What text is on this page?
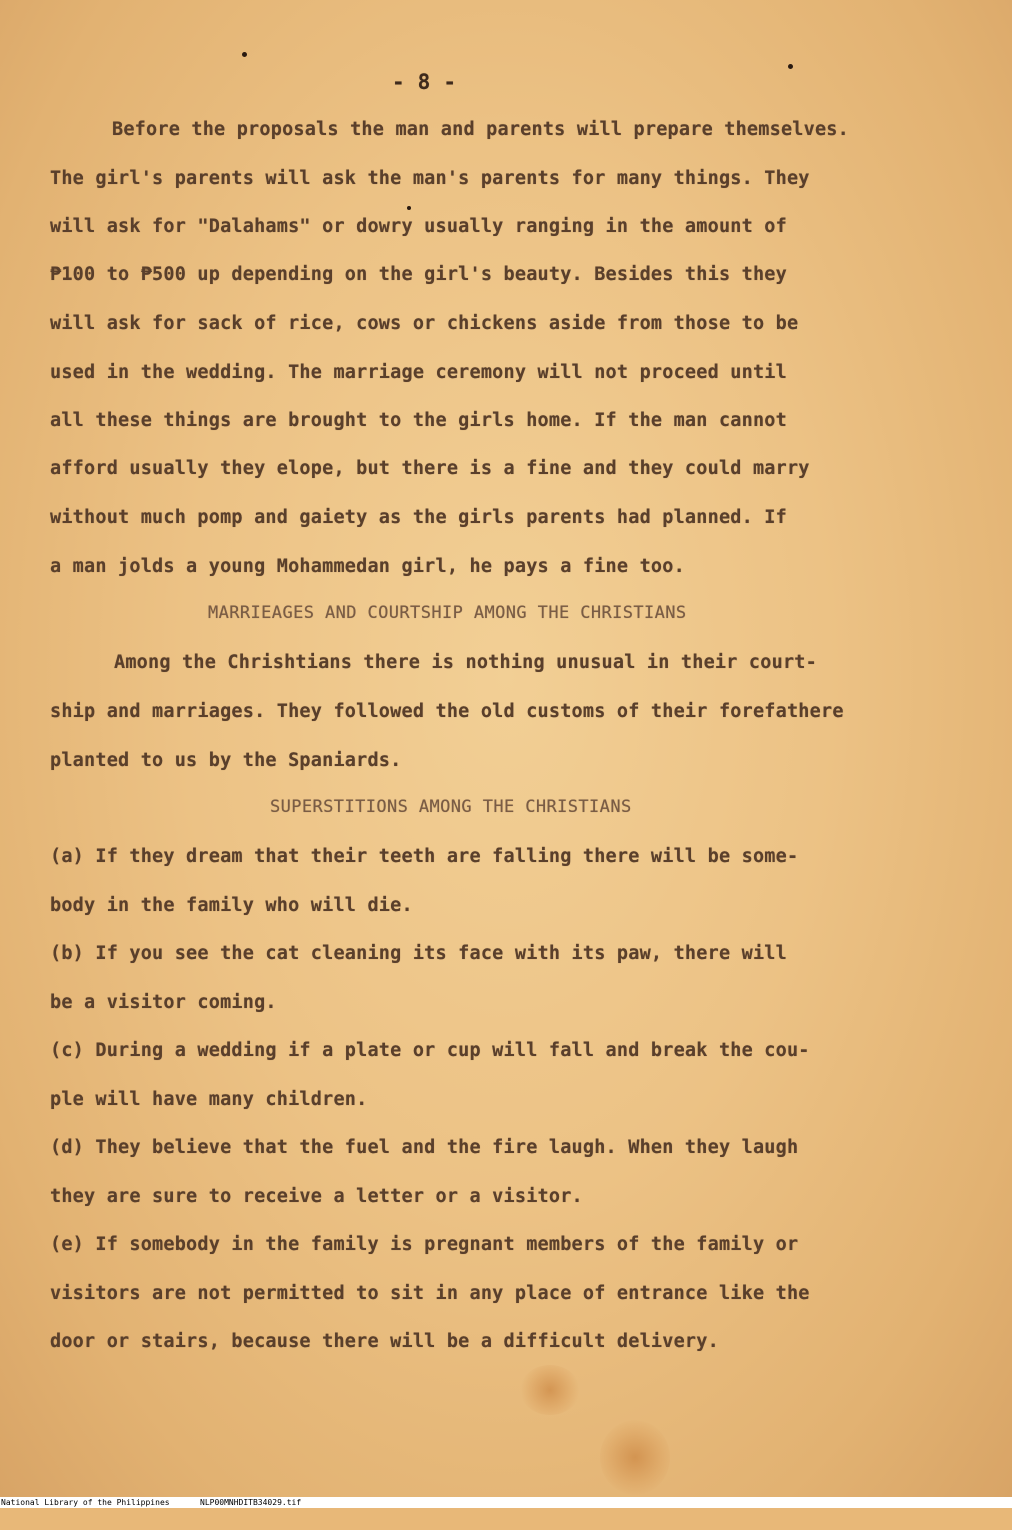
- 8 -

Before the proposals the man and parents will prepare themselves.

The girl's parents will ask the man's parents for many things. They

will ask for "Dalahams" or dowry usually ranging in the amount of

₱100 to ₱500 up depending on the girl's beauty. Besides this they

will ask for sack of rice, cows or chickens aside from those to be

used in the wedding. The marriage ceremony will not proceed until

all these things are brought to the girls home. If the man cannot

afford usually they elope, but there is a fine and they could marry

without much pomp and gaiety as the girls parents had planned. If

a man jolds a young Mohammedan girl, he pays a fine too.

MARRIEAGES AND COURTSHIP AMONG THE CHRISTIANS

Among the Chrishtians there is nothing unusual in their court-

ship and marriages. They followed the old customs of their forefathere

planted to us by the Spaniards.

SUPERSTITIONS AMONG THE CHRISTIANS

(a) If they dream that their teeth are falling there will be some-

body in the family who will die.

(b) If you see the cat cleaning its face with its paw, there will

be a visitor coming.

(c) During a wedding if a plate or cup will fall and break the cou-

ple will have many children.

(d) They believe that the fuel and the fire laugh. When they laugh

they are sure to receive a letter or a visitor.

(e) If somebody in the family is pregnant members of the family or

visitors are not permitted to sit in any place of entrance like the

door or stairs, because there will be a difficult delivery.

National Library of the Philippines

	NLP00MNHDITB34029.tif
